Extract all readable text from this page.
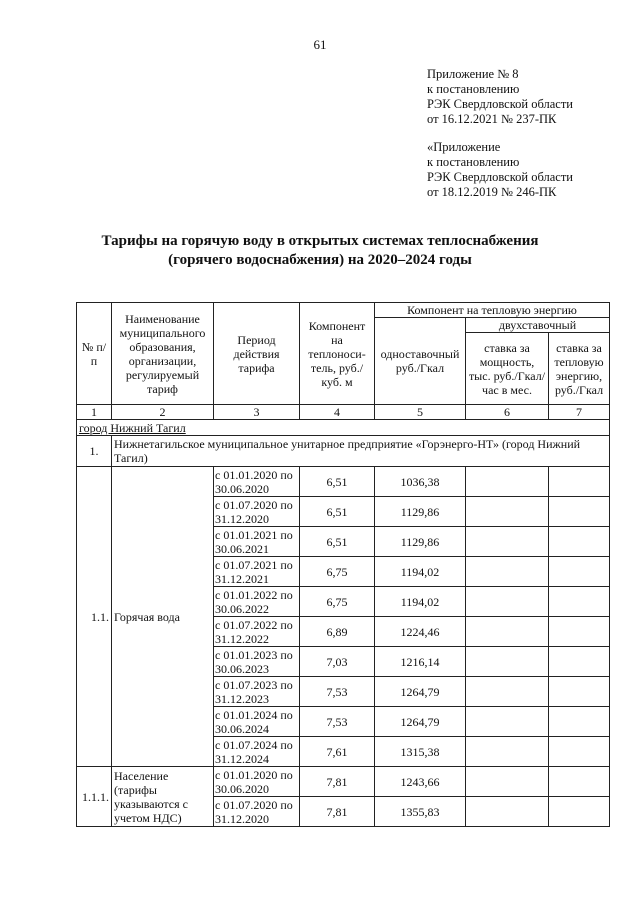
61
Приложение № 8
к постановлению
РЭК Свердловской области
от 16.12.2021 № 237-ПК
«Приложение
к постановлению
РЭК Свердловской области
от 18.12.2019 № 246-ПК
Тарифы на горячую воду в открытых системах теплоснабжения
(горячего водоснабжения) на 2020–2024 годы
№ п/п	Наименование муниципального образования, организации, регулируемый тариф	Период действия тарифа	Компонент на теплоноси-тель, руб./куб. м	Компонент на тепловую энергию		
				одноставочный руб./Гкал	двухставочный	
					ставка за мощность, тыс. руб./Гкал/час в мес.	ставка за тепловую энергию, руб./Гкал
1	2	3	4	5	6	7
город Нижний Тагил						
1.	Нижнетагильское муниципальное унитарное предприятие «Горэнерго-НТ» (город Нижний Тагил)					
1.1.	Горячая вода	с 01.01.2020 по 30.06.2020	6,51	1036,38		
		с 01.07.2020 по 31.12.2020	6,51	1129,86		
		с 01.01.2021 по 30.06.2021	6,51	1129,86		
		с 01.07.2021 по 31.12.2021	6,75	1194,02		
		с 01.01.2022 по 30.06.2022	6,75	1194,02		
		с 01.07.2022 по 31.12.2022	6,89	1224,46		
		с 01.01.2023 по 30.06.2023	7,03	1216,14		
		с 01.07.2023 по 31.12.2023	7,53	1264,79		
		с 01.01.2024 по 30.06.2024	7,53	1264,79		
		с 01.07.2024 по 31.12.2024	7,61	1315,38		
1.1.1.	Население (тарифы указываются с учетом НДС)	с 01.01.2020 по 30.06.2020	7,81	1243,66		
		с 01.07.2020 по 31.12.2020	7,81	1355,83		
